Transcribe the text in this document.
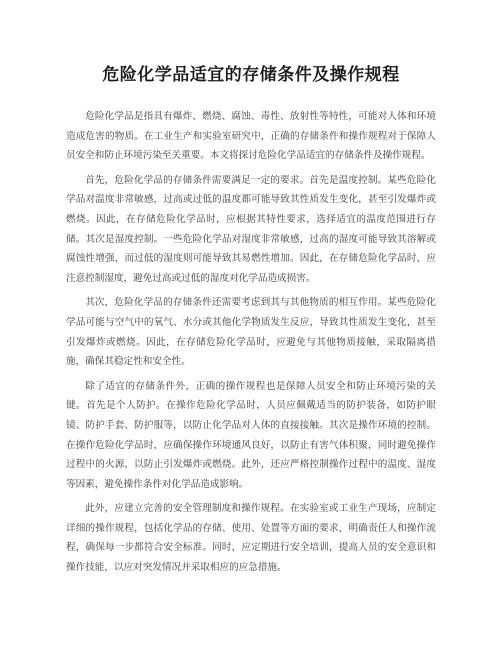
危险化学品适宜的存储条件及操作规程

危险化学品是指具有爆炸、燃烧、腐蚀、毒性、放射性等特性，可能对人体和环境造成危害的物质。在工业生产和实验室研究中，正确的存储条件和操作规程对于保障人员安全和防止环境污染至关重要。本文将探讨危险化学品适宜的存储条件及操作规程。

首先，危险化学品的存储条件需要满足一定的要求。首先是温度控制。某些危险化学品对温度非常敏感，过高或过低的温度都可能导致其性质发生变化，甚至引发爆炸或燃烧。因此，在存储危险化学品时，应根据其特性要求，选择适宜的温度范围进行存储。其次是湿度控制。一些危险化学品对湿度非常敏感，过高的湿度可能导致其溶解或腐蚀性增强，而过低的湿度则可能导致其易燃性增加。因此，在存储危险化学品时，应注意控制湿度，避免过高或过低的湿度对化学品造成损害。

其次，危险化学品的存储条件还需要考虑到其与其他物质的相互作用。某些危险化学品可能与空气中的氧气、水分或其他化学物质发生反应，导致其性质发生变化，甚至引发爆炸或燃烧。因此，在存储危险化学品时，应避免与其他物质接触，采取隔离措施，确保其稳定性和安全性。

除了适宜的存储条件外，正确的操作规程也是保障人员安全和防止环境污染的关键。首先是个人防护。在操作危险化学品时，人员应佩戴适当的防护装备，如防护眼镜、防护手套、防护服等，以防止化学品对人体的直接接触。其次是操作环境的控制。在操作危险化学品时，应确保操作环境通风良好，以防止有害气体积聚，同时避免操作过程中的火源，以防止引发爆炸或燃烧。此外，还应严格控制操作过程中的温度、湿度等因素，避免操作条件对化学品造成影响。

此外，应建立完善的安全管理制度和操作规程。在实验室或工业生产现场，应制定详细的操作规程，包括化学品的存储、使用、处置等方面的要求，明确责任人和操作流程，确保每一步都符合安全标准。同时，应定期进行安全培训，提高人员的安全意识和操作技能，以应对突发情况并采取相应的应急措施。
